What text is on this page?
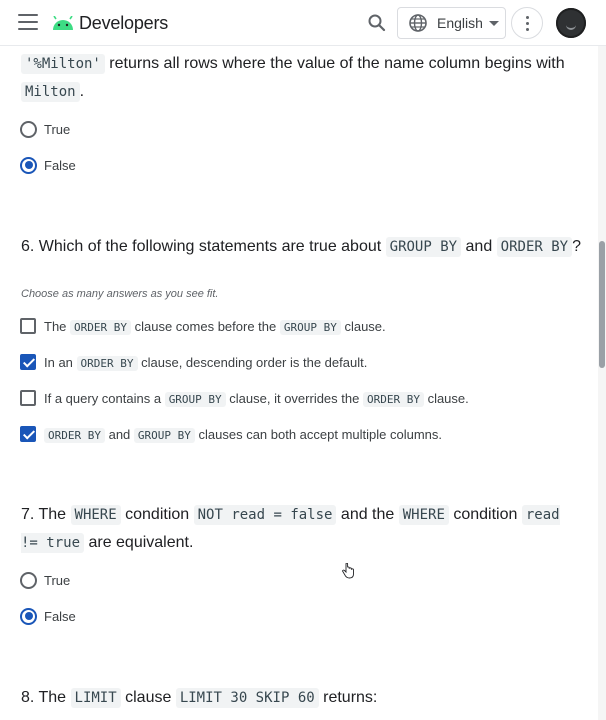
Developers	English
'%Milton' returns all rows where the value of the name column begins with Milton .
True
False
6. Which of the following statements are true about GROUP BY and ORDER BY ?
Choose as many answers as you see fit.
The ORDER BY clause comes before the GROUP BY clause.
In an ORDER BY clause, descending order is the default.
If a query contains a GROUP BY clause, it overrides the ORDER BY clause.
ORDER BY and GROUP BY clauses can both accept multiple columns.
7. The WHERE condition NOT read = false and the WHERE condition read != true are equivalent.
True
False
8. The LIMIT clause LIMIT 30 SKIP 60 returns:
